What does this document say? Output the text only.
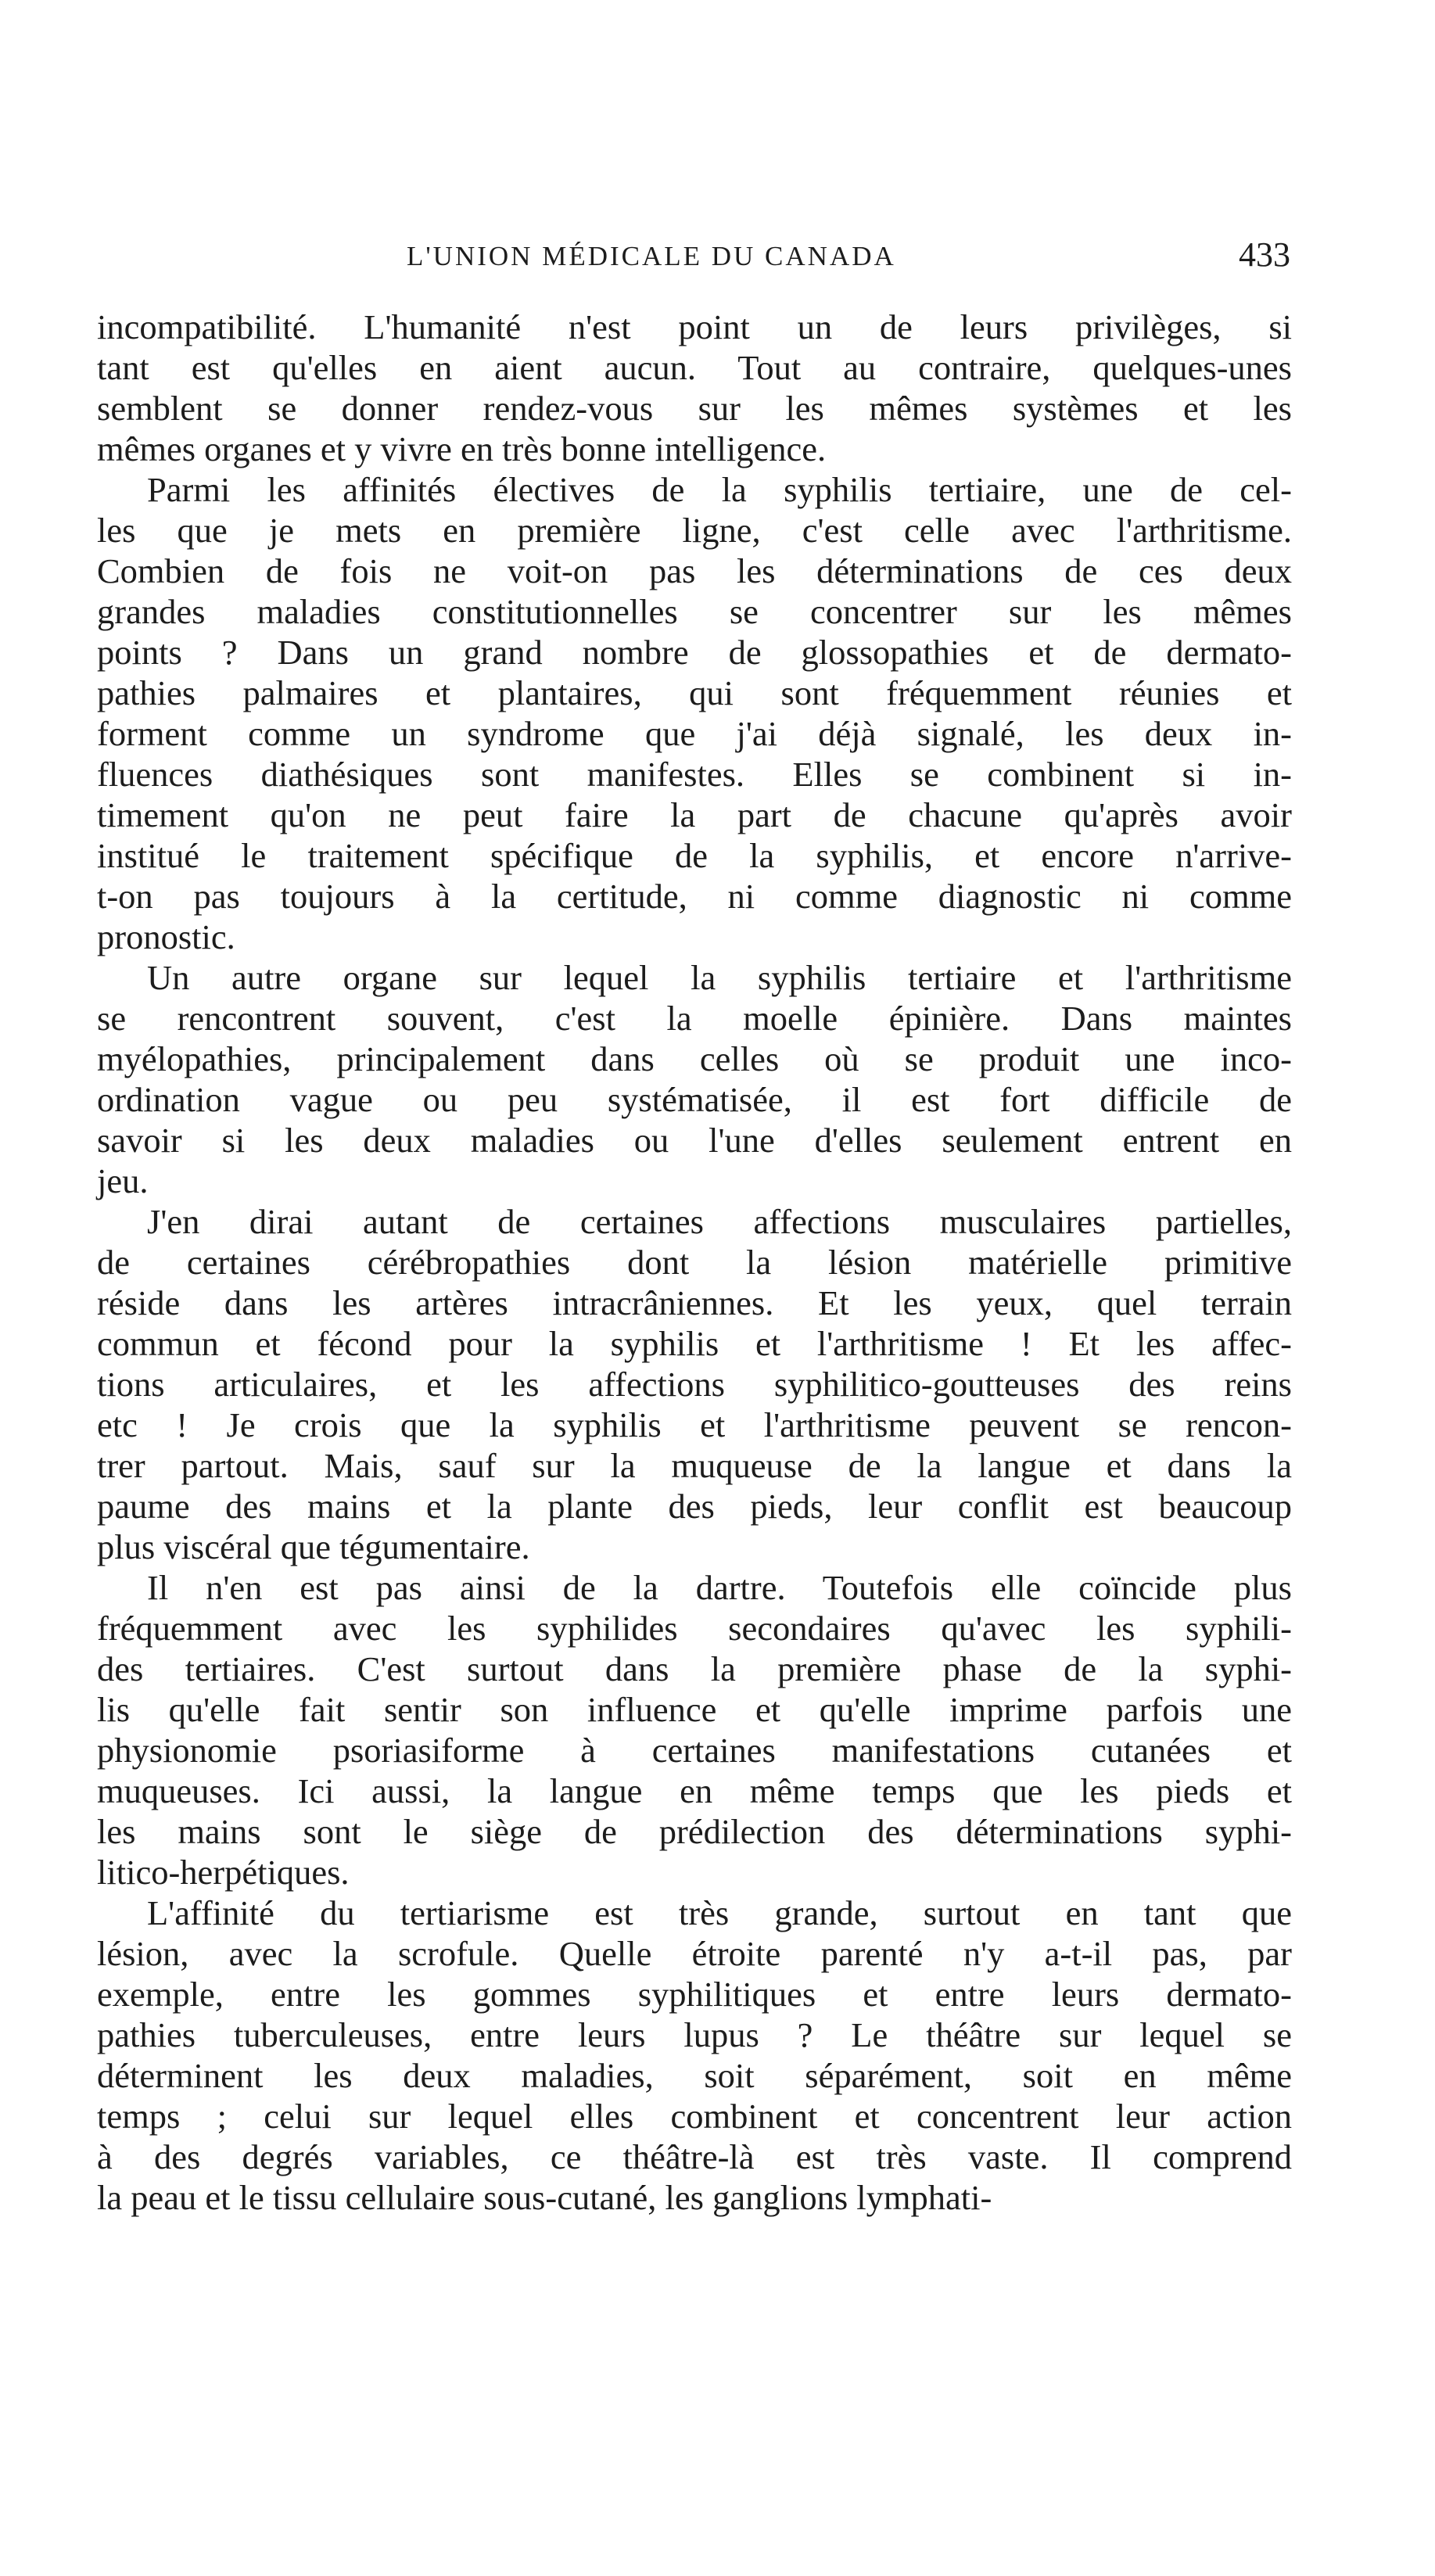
L'UNION MÉDICALE DU CANADA	433
incompatibilité. L'humanité n'est point un de leurs privilèges, si
tant est qu'elles en aient aucun. Tout au contraire, quelques-unes
semblent se donner rendez-vous sur les mêmes systèmes et les
mêmes organes et y vivre en très bonne intelligence.
Parmi les affinités électives de la syphilis tertiaire, une de cel-
les que je mets en première ligne, c'est celle avec l'arthritisme.
Combien de fois ne voit-on pas les déterminations de ces deux
grandes maladies constitutionnelles se concentrer sur les mêmes
points ? Dans un grand nombre de glossopathies et de dermato-
pathies palmaires et plantaires, qui sont fréquemment réunies et
forment comme un syndrome que j'ai déjà signalé, les deux in-
fluences diathésiques sont manifestes. Elles se combinent si in-
timement qu'on ne peut faire la part de chacune qu'après avoir
institué le traitement spécifique de la syphilis, et encore n'arrive-
t-on pas toujours à la certitude, ni comme diagnostic ni comme
pronostic.
Un autre organe sur lequel la syphilis tertiaire et l'arthritisme
se rencontrent souvent, c'est la moelle épinière. Dans maintes
myélopathies, principalement dans celles où se produit une inco-
ordination vague ou peu systématisée, il est fort difficile de
savoir si les deux maladies ou l'une d'elles seulement entrent en
jeu.
J'en dirai autant de certaines affections musculaires partielles,
de certaines cérébropathies dont la lésion matérielle primitive
réside dans les artères intracrâniennes. Et les yeux, quel terrain
commun et fécond pour la syphilis et l'arthritisme ! Et les affec-
tions articulaires, et les affections syphilitico-goutteuses des reins
etc ! Je crois que la syphilis et l'arthritisme peuvent se rencon-
trer partout. Mais, sauf sur la muqueuse de la langue et dans la
paume des mains et la plante des pieds, leur conflit est beaucoup
plus viscéral que tégumentaire.
Il n'en est pas ainsi de la dartre. Toutefois elle coïncide plus
fréquemment avec les syphilides secondaires qu'avec les syphili-
des tertiaires. C'est surtout dans la première phase de la syphi-
lis qu'elle fait sentir son influence et qu'elle imprime parfois une
physionomie psoriasiforme à certaines manifestations cutanées et
muqueuses. Ici aussi, la langue en même temps que les pieds et
les mains sont le siège de prédilection des déterminations syphi-
litico-herpétiques.
L'affinité du tertiarisme est très grande, surtout en tant que
lésion, avec la scrofule. Quelle étroite parenté n'y a-t-il pas, par
exemple, entre les gommes syphilitiques et entre leurs dermato-
pathies tuberculeuses, entre leurs lupus ? Le théâtre sur lequel se
déterminent les deux maladies, soit séparément, soit en même
temps ; celui sur lequel elles combinent et concentrent leur action
à des degrés variables, ce théâtre-là est très vaste. Il comprend
la peau et le tissu cellulaire sous-cutané, les ganglions lymphati-
